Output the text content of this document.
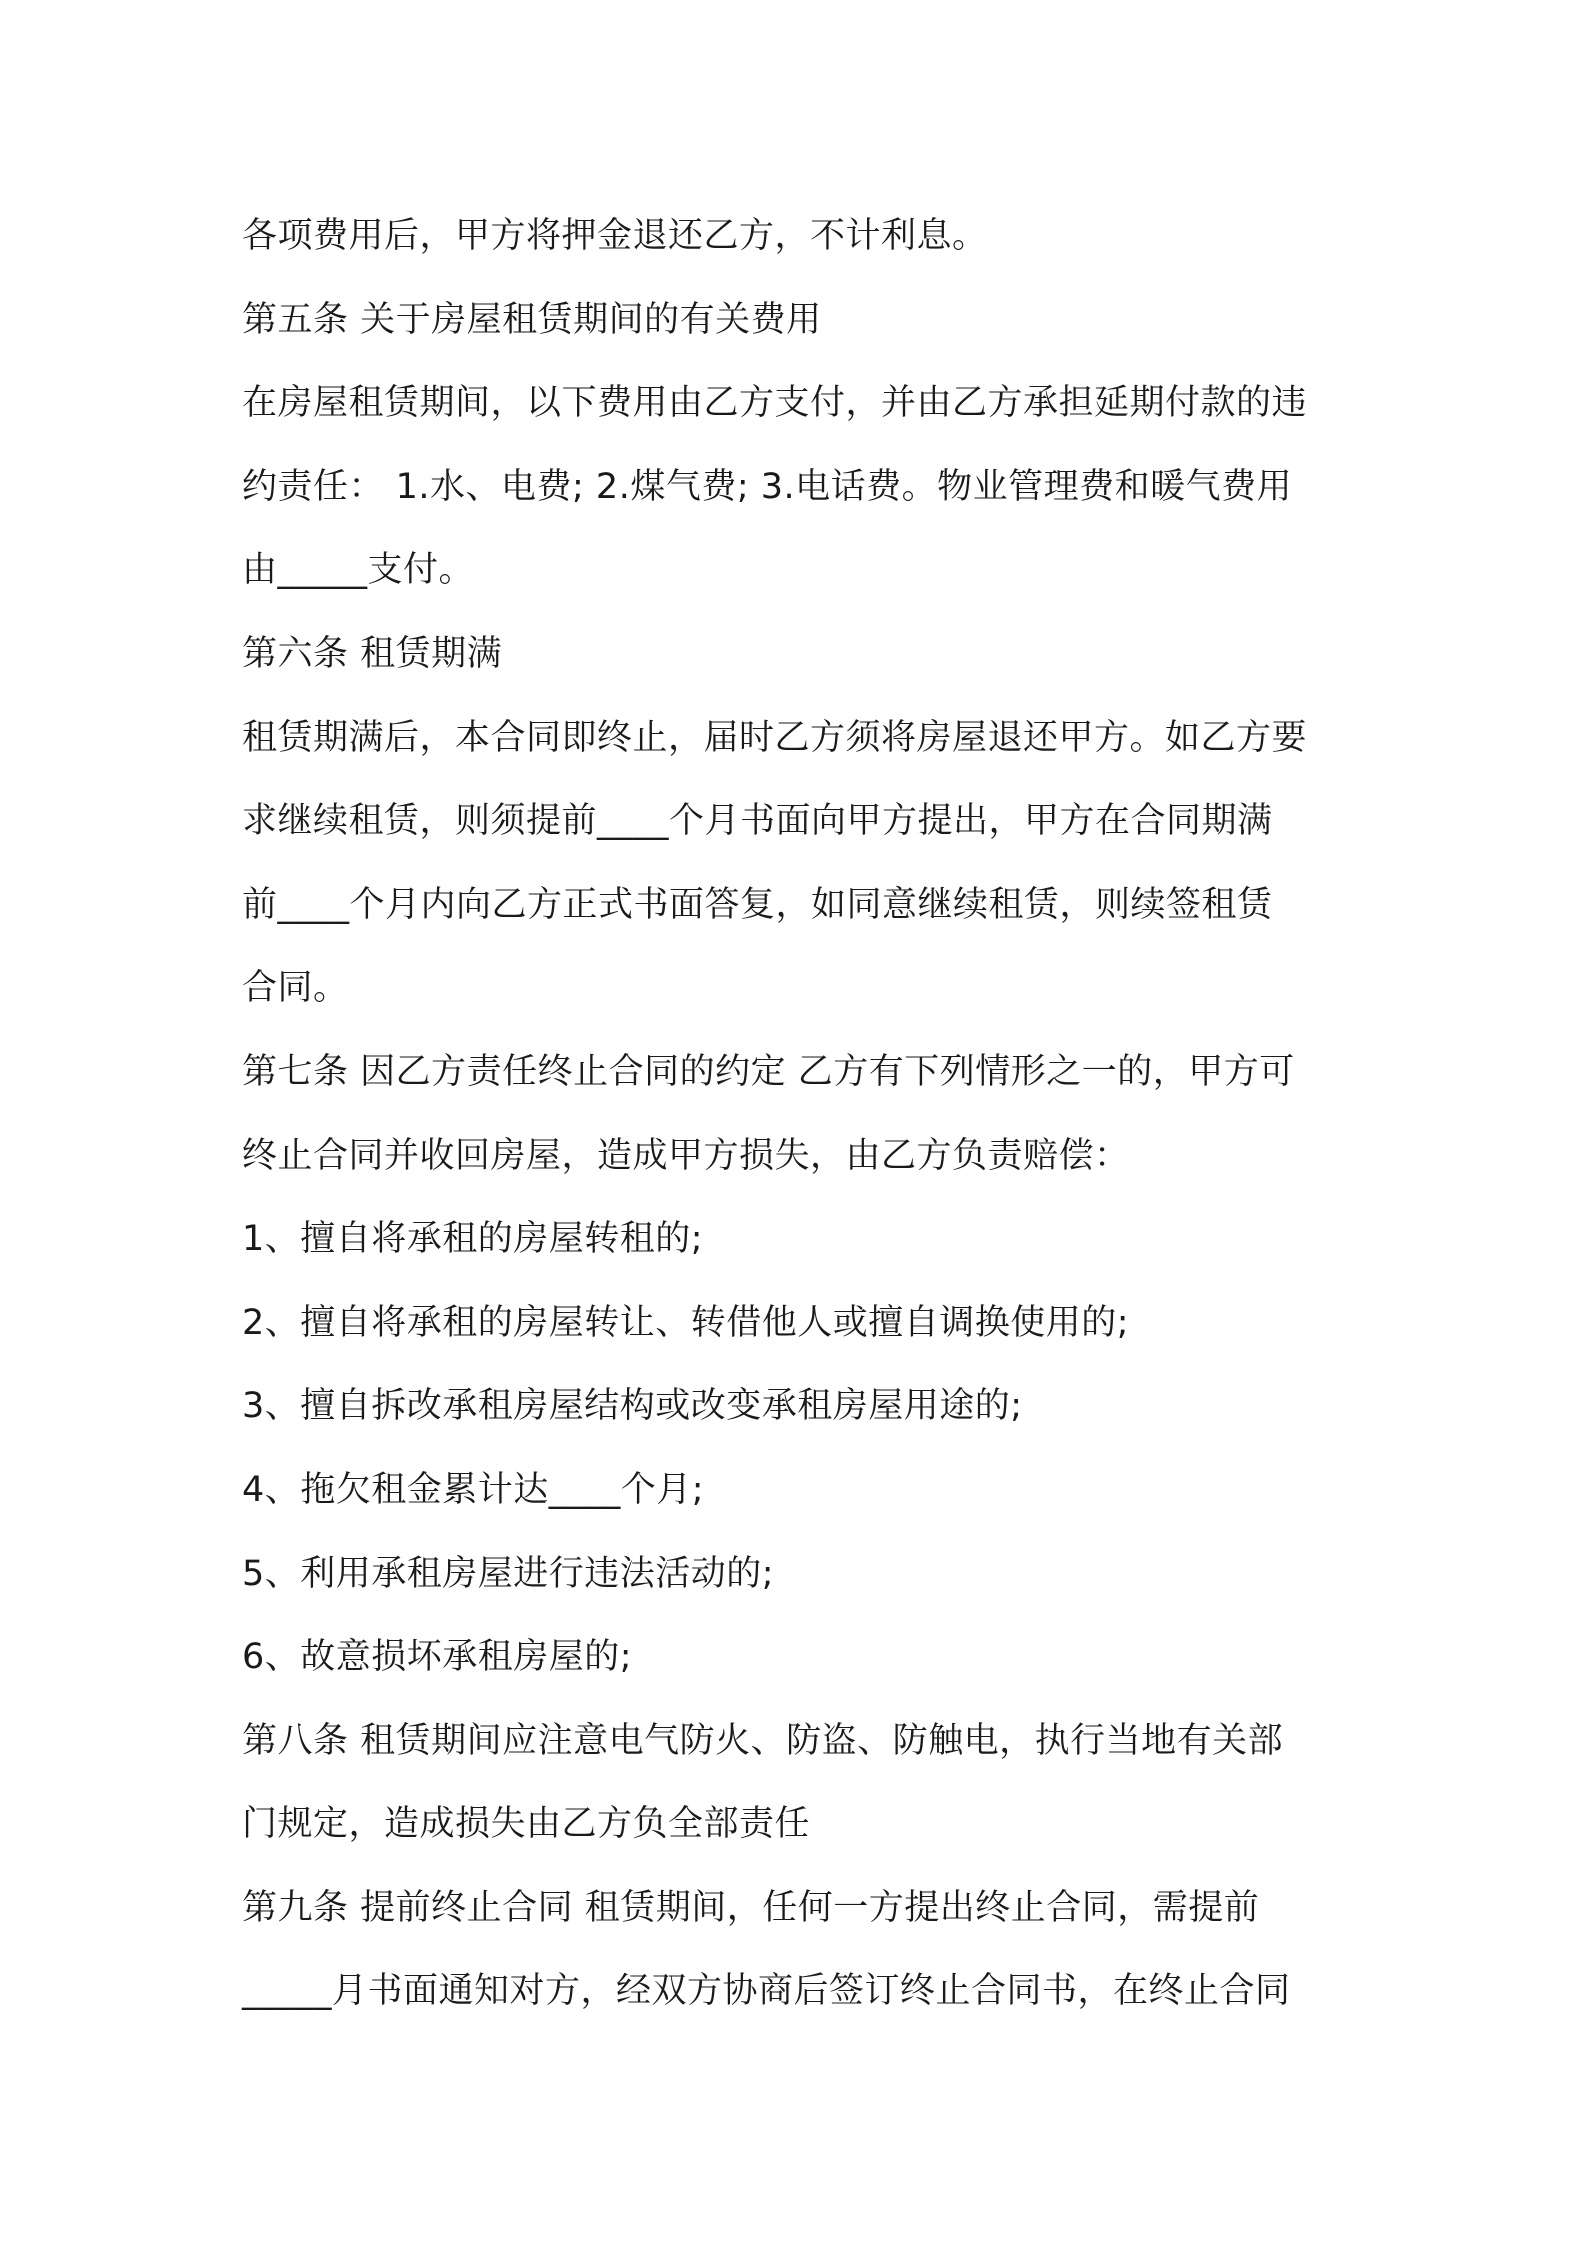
各项费用后，甲方将押金退还乙方，不计利息。
第五条 关于房屋租赁期间的有关费用
在房屋租赁期间，以下费用由乙方支付，并由乙方承担延期付款的违
约责任： 1.水、电费; 2.煤气费; 3.电话费。物业管理费和暖气费用
由_____支付。
第六条 租赁期满
租赁期满后，本合同即终止，届时乙方须将房屋退还甲方。如乙方要
求继续租赁，则须提前____个月书面向甲方提出，甲方在合同期满
前____个月内向乙方正式书面答复，如同意继续租赁，则续签租赁
合同。
第七条 因乙方责任终止合同的约定 乙方有下列情形之一的，甲方可
终止合同并收回房屋，造成甲方损失，由乙方负责赔偿：
1、擅自将承租的房屋转租的;
2、擅自将承租的房屋转让、转借他人或擅自调换使用的;
3、擅自拆改承租房屋结构或改变承租房屋用途的;
4、拖欠租金累计达____个月;
5、利用承租房屋进行违法活动的;
6、故意损坏承租房屋的;
第八条 租赁期间应注意电气防火、防盗、防触电，执行当地有关部
门规定，造成损失由乙方负全部责任
第九条 提前终止合同 租赁期间，任何一方提出终止合同，需提前
_____月书面通知对方，经双方协商后签订终止合同书，在终止合同
